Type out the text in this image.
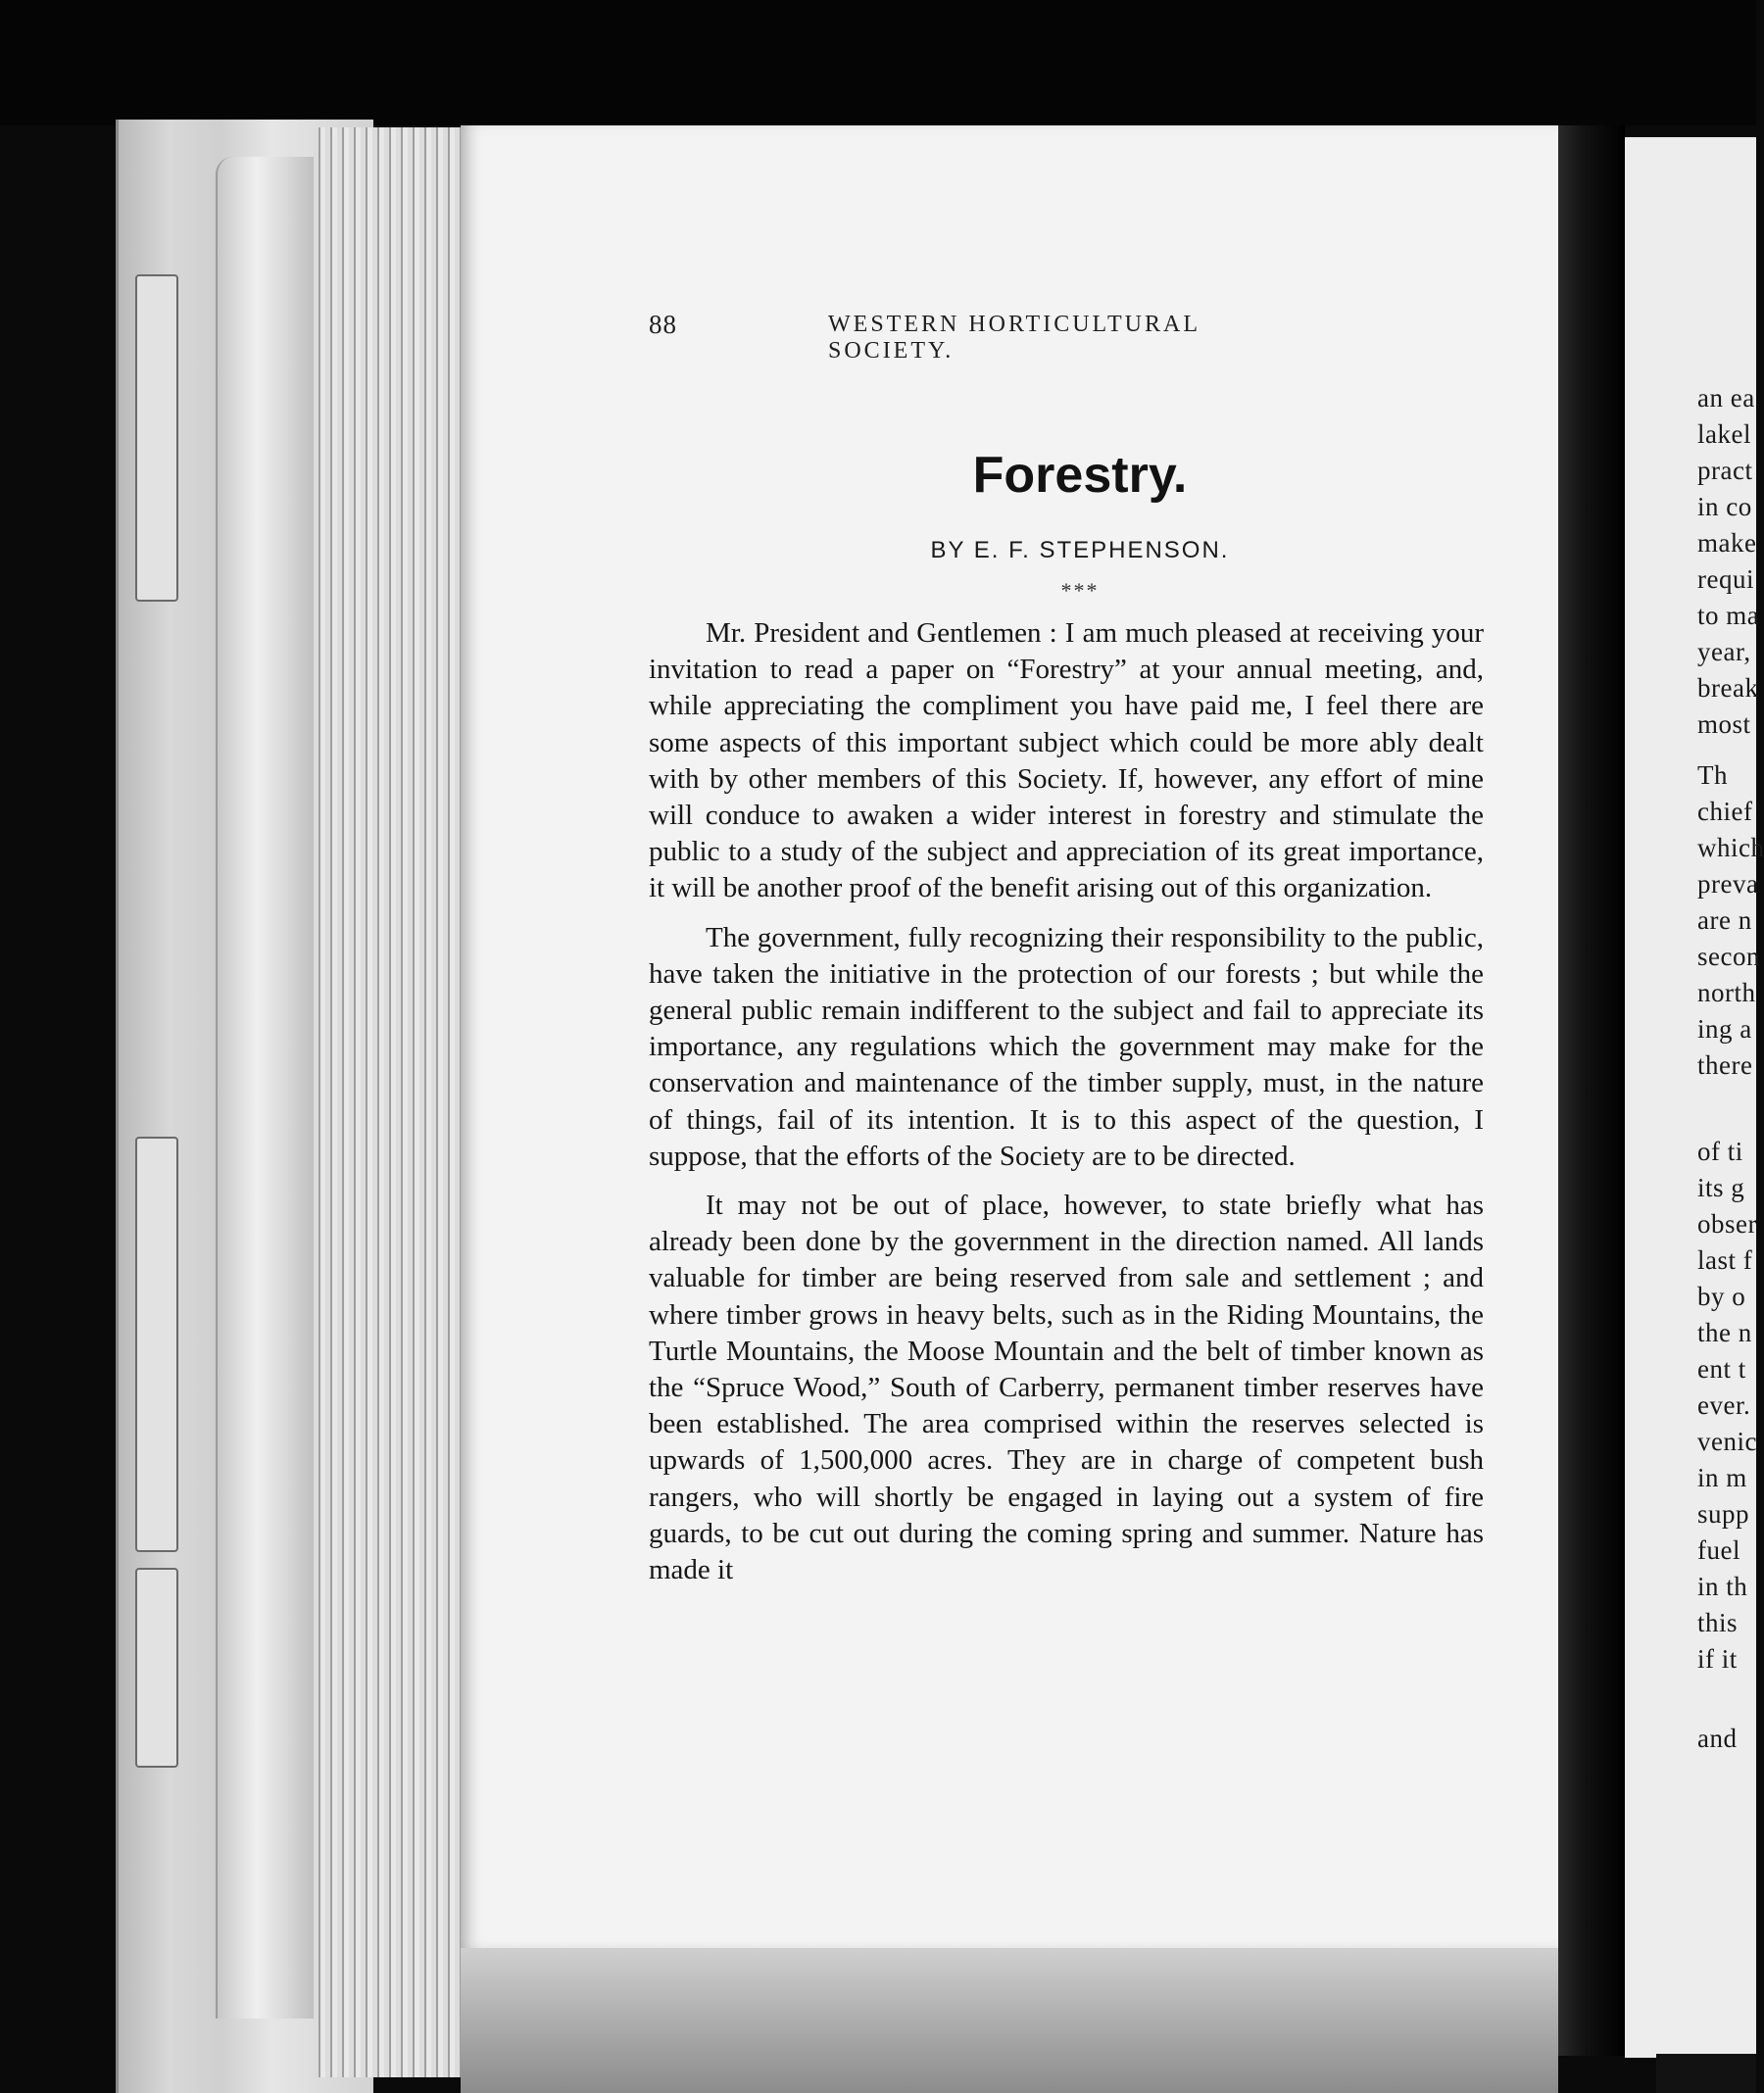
88	WESTERN HORTICULTURAL SOCIETY.
Forestry.
BY E. F. STEPHENSON.
***

Mr. President and Gentlemen : I am much pleased at receiving your invitation to read a paper on “Forestry” at your annual meeting, and, while appreciating the compliment you have paid me, I feel there are some aspects of this important subject which could be more ably dealt with by other members of this Society. If, however, any effort of mine will conduce to awaken a wider interest in forestry and stimulate the public to a study of the subject and appreciation of its great importance, it will be another proof of the benefit arising out of this organization.

The government, fully recognizing their responsibility to the public, have taken the initiative in the protection of our forests ; but while the general public remain indifferent to the subject and fail to appreciate its importance, any regulations which the government may make for the conservation and maintenance of the timber supply, must, in the nature of things, fail of its intention. It is to this aspect of the question, I suppose, that the efforts of the Society are to be directed.

It may not be out of place, however, to state briefly what has already been done by the government in the direction named. All lands valuable for timber are being reserved from sale and settlement ; and where timber grows in heavy belts, such as in the Riding Mountains, the Turtle Mountains, the Moose Mountain and the belt of timber known as the “Spruce Wood,” South of Carberry, permanent timber reserves have been established. The area comprised within the reserves selected is upwards of 1,500,000 acres. They are in charge of competent bush rangers, who will shortly be engaged in laying out a system of fire guards, to be cut out during the coming spring and summer. Nature has made it

an ea
lakel
pract
in co
make
requi
to ma
year,
break
most
Th
chief
which
preva
are n
secon
north
ing a
there
of ti
its g
obser
last f
by o
the n
ent t
ever.
venic
in m
supp
fuel
in th
this
if it
and
